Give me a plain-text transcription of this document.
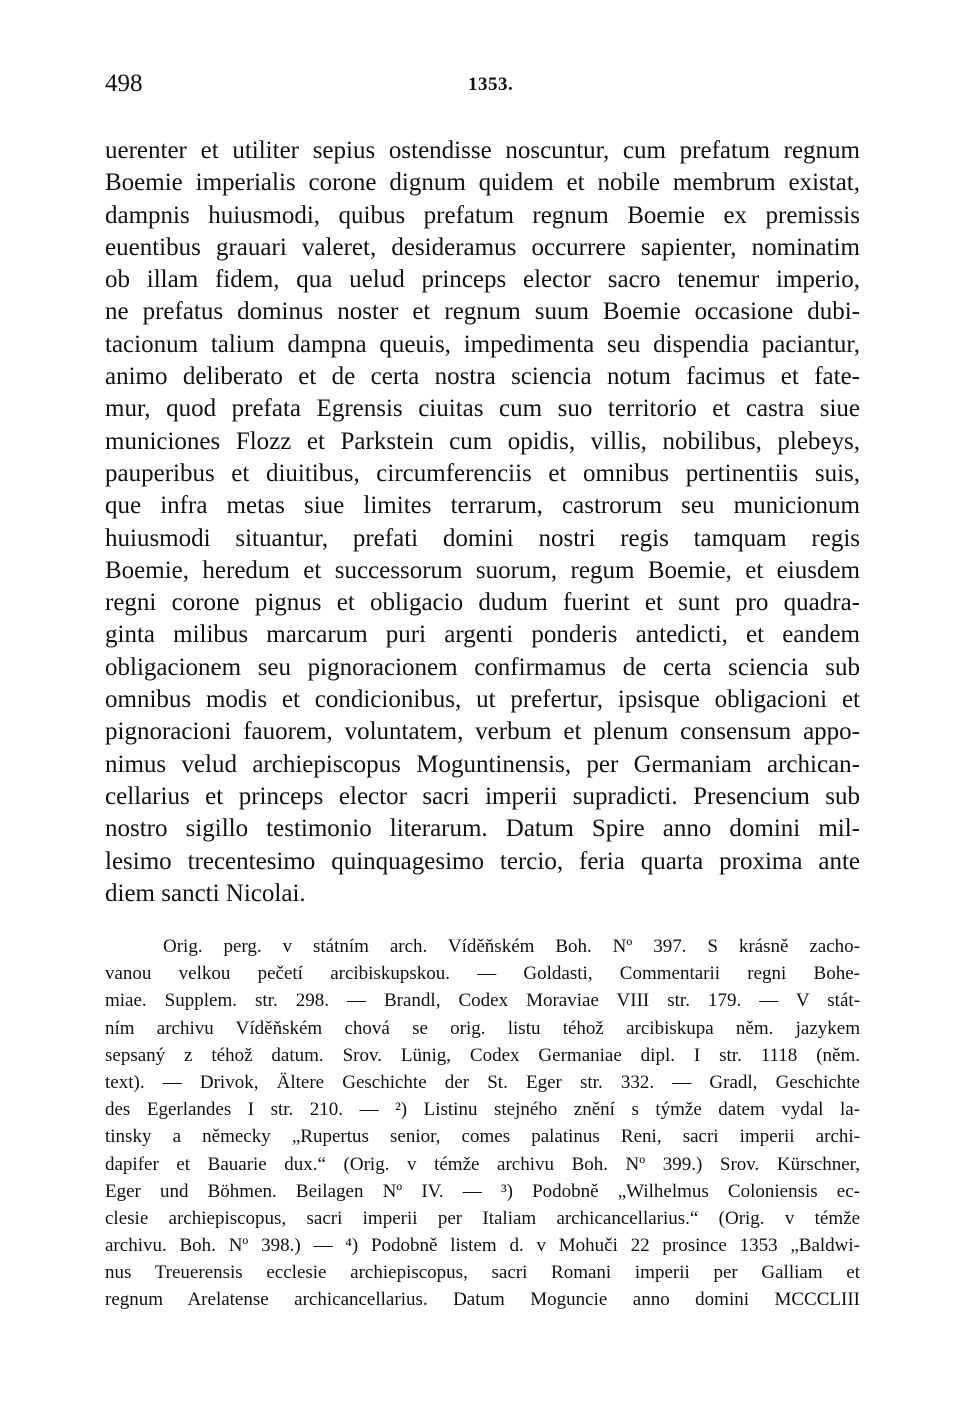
498	1353.
uerenter et utiliter sepius ostendisse noscuntur, cum prefatum regnum
Boemie imperialis corone dignum quidem et nobile membrum existat,
dampnis huiusmodi, quibus prefatum regnum Boemie ex premissis
euentibus grauari valeret, desideramus occurrere sapienter, nominatim
ob illam fidem, qua uelud princeps elector sacro tenemur imperio,
ne prefatus dominus noster et regnum suum Boemie occasione dubi-
tacionum talium dampna queuis, impedimenta seu dispendia paciantur,
animo deliberato et de certa nostra sciencia notum facimus et fate-
mur, quod prefata Egrensis ciuitas cum suo territorio et castra siue
municiones Flozz et Parkstein cum opidis, villis, nobilibus, plebeys,
pauperibus et diuitibus, circumferenciis et omnibus pertinentiis suis,
que infra metas siue limites terrarum, castrorum seu municionum
huiusmodi situantur, prefati domini nostri regis tamquam regis
Boemie, heredum et successorum suorum, regum Boemie, et eiusdem
regni corone pignus et obligacio dudum fuerint et sunt pro quadra-
ginta milibus marcarum puri argenti ponderis antedicti, et eandem
obligacionem seu pignoracionem confirmamus de certa sciencia sub
omnibus modis et condicionibus, ut prefertur, ipsisque obligacioni et
pignoracioni fauorem, voluntatem, verbum et plenum consensum appo-
nimus velud archiepiscopus Moguntinensis, per Germaniam archican-
cellarius et princeps elector sacri imperii supradicti. Presencium sub
nostro sigillo testimonio literarum. Datum Spire anno domini mil-
lesimo trecentesimo quinquagesimo tercio, feria quarta proxima ante
diem sancti Nicolai.
Orig. perg. v státním arch. Víděňském Boh. Nº 397. S krásně zacho-
vanou velkou pečetí arcibiskupskou. — Goldasti, Commentarii regni Bohe-
miae. Supplem. str. 298. — Brandl, Codex Moraviae VIII str. 179. — V stát-
ním archivu Víděňském chová se orig. listu téhož arcibiskupa něm. jazykem
sepsaný z téhož datum. Srov. Lünig, Codex Germaniae dipl. I str. 1118 (něm.
text). — Drivok, Ältere Geschichte der St. Eger str. 332. — Gradl, Geschichte
des Egerlandes I str. 210. — ²) Listinu stejného znění s týmže datem vydal la-
tinsky a německy „Rupertus senior, comes palatinus Reni, sacri imperii archi-
dapifer et Bauarie dux.“ (Orig. v témže archivu Boh. Nº 399.) Srov. Kürschner,
Eger und Böhmen. Beilagen Nº IV. — ³) Podobně „Wilhelmus Coloniensis ec-
clesie archiepiscopus, sacri imperii per Italiam archicancellarius.“ (Orig. v témže
archivu. Boh. Nº 398.) — ⁴) Podobně listem d. v Mohuči 22 prosince 1353 „Baldwi-
nus Treuerensis ecclesie archiepiscopus, sacri Romani imperii per Galliam et
regnum Arelatense archicancellarius. Datum Moguncie anno domini MCCCLIII
